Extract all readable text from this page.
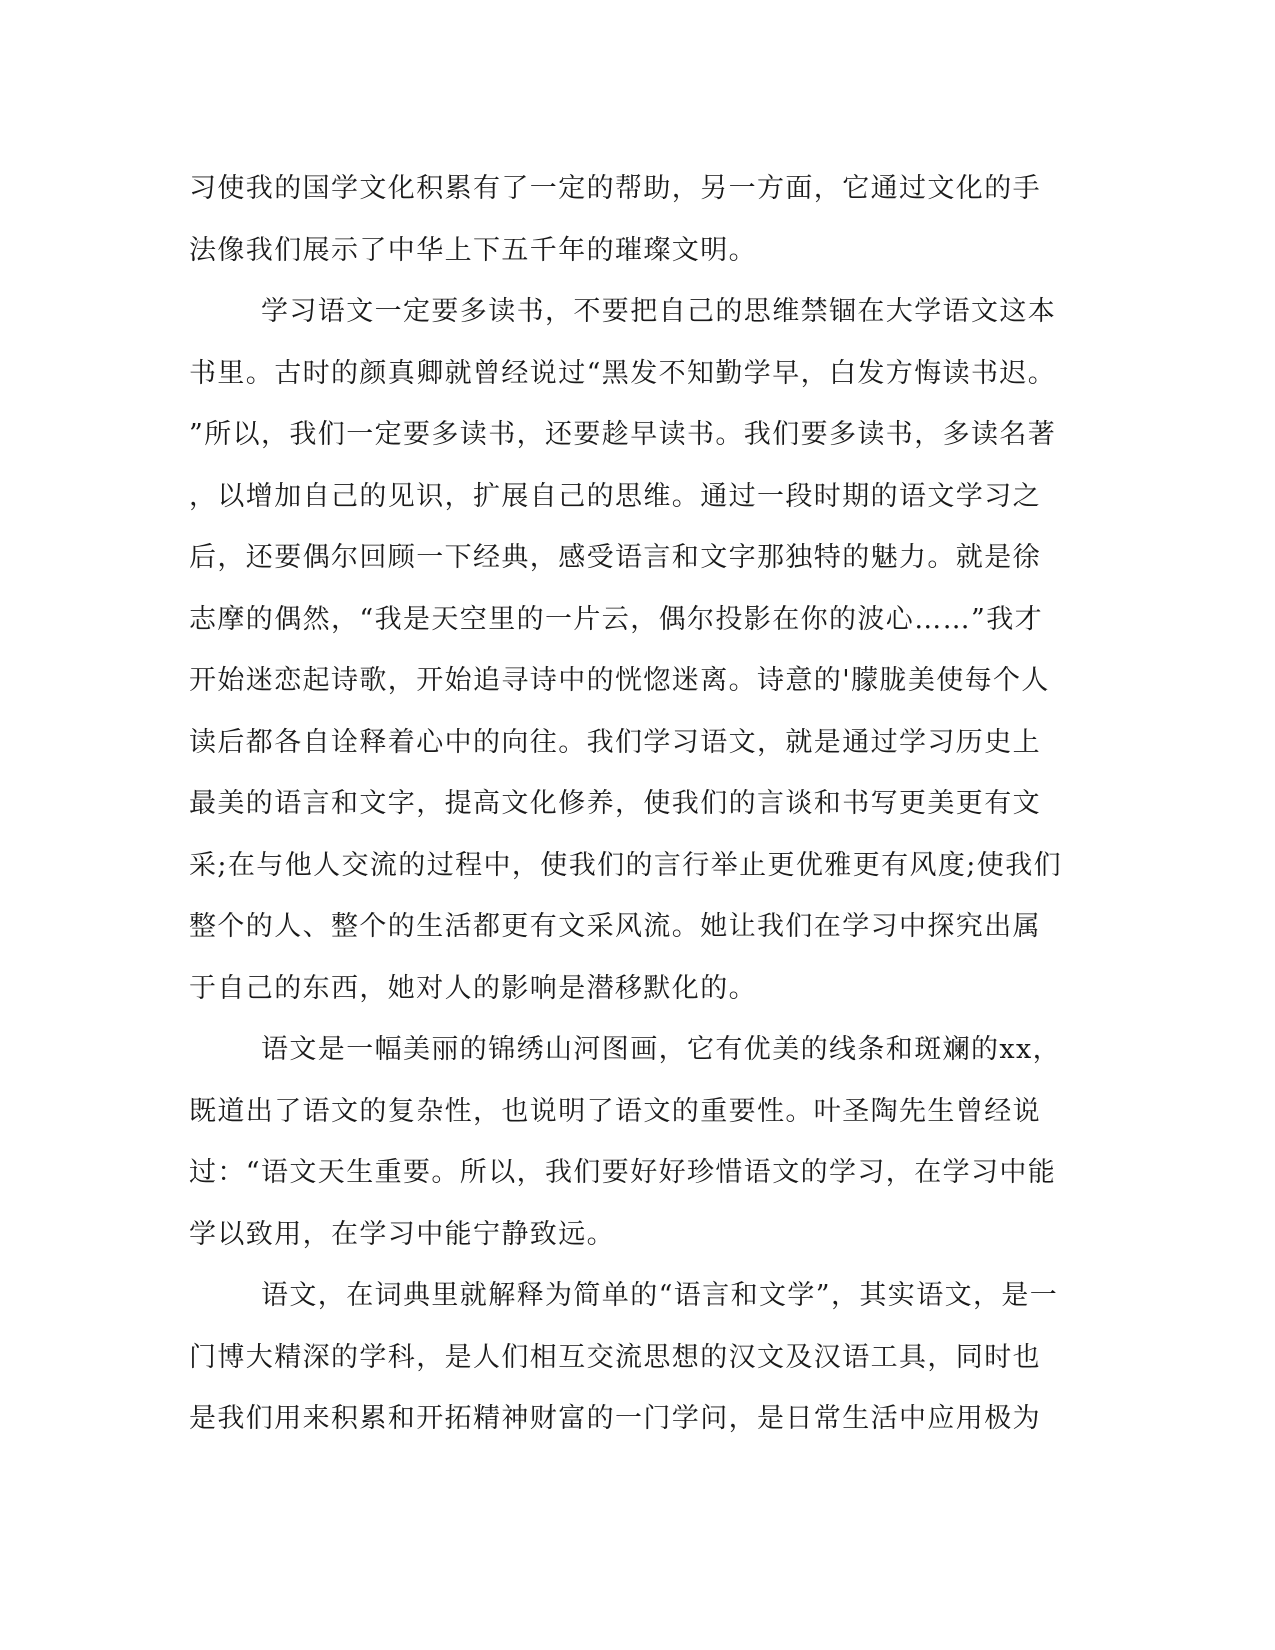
习使我的国学文化积累有了一定的帮助，另一方面，它通过文化的手
法像我们展示了中华上下五千年的璀璨文明。
学习语文一定要多读书，不要把自己的思维禁锢在大学语文这本
书里。古时的颜真卿就曾经说过“黑发不知勤学早，白发方悔读书迟。
”所以，我们一定要多读书，还要趁早读书。我们要多读书，多读名著
，以增加自己的见识，扩展自己的思维。通过一段时期的语文学习之
后，还要偶尔回顾一下经典，感受语言和文字那独特的魅力。就是徐
志摩的偶然，“我是天空里的一片云，偶尔投影在你的波心……”我才
开始迷恋起诗歌，开始追寻诗中的恍惚迷离。诗意的'朦胧美使每个人
读后都各自诠释着心中的向往。我们学习语文，就是通过学习历史上
最美的语言和文字，提高文化修养，使我们的言谈和书写更美更有文
采;在与他人交流的过程中，使我们的言行举止更优雅更有风度;使我们
整个的人、整个的生活都更有文采风流。她让我们在学习中探究出属
于自己的东西，她对人的影响是潜移默化的。
语文是一幅美丽的锦绣山河图画，它有优美的线条和斑斓的xx，
既道出了语文的复杂性，也说明了语文的重要性。叶圣陶先生曾经说
过：“语文天生重要。所以，我们要好好珍惜语文的学习，在学习中能
学以致用，在学习中能宁静致远。
语文，在词典里就解释为简单的“语言和文学”，其实语文，是一
门博大精深的学科，是人们相互交流思想的汉文及汉语工具，同时也
是我们用来积累和开拓精神财富的一门学问，是日常生活中应用极为
